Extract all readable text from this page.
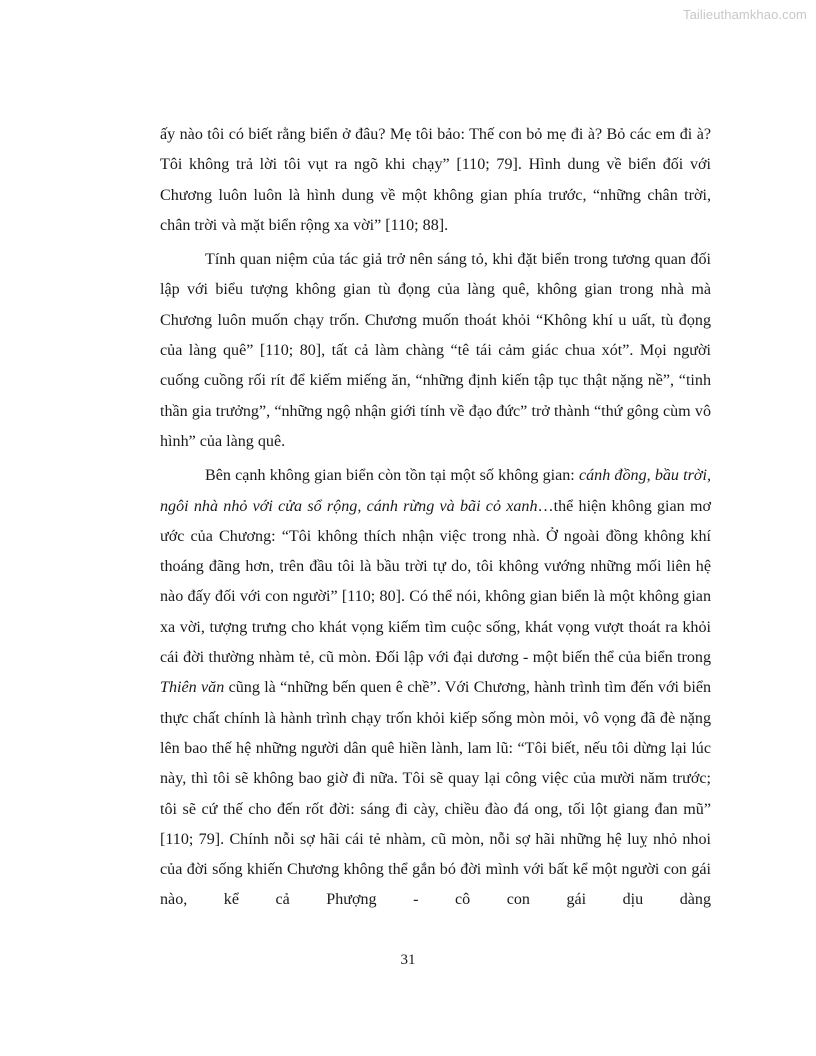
Tailieuthamkhao.com

ấy nào tôi có biết rằng biển ở đâu? Mẹ tôi bảo: Thế con bỏ mẹ đi à? Bỏ các em đi à? Tôi không trả lời tôi vụt ra ngõ khi chạy” [110; 79]. Hình dung về biển đối với Chương luôn luôn là hình dung về một không gian phía trước, “những chân trời, chân trời và mặt biển rộng xa vời” [110; 88].

Tính quan niệm của tác giả trở nên sáng tỏ, khi đặt biển trong tương quan đối lập với biểu tượng không gian tù đọng của làng quê, không gian trong nhà mà Chương luôn muốn chạy trốn. Chương muốn thoát khỏi “Không khí u uất, tù đọng của làng quê” [110; 80], tất cả làm chàng “tê tái cảm giác chua xót”. Mọi người cuống cuồng rối rít để kiếm miếng ăn, “những định kiến tập tục thật nặng nề”, “tinh thần gia trưởng”, “những ngộ nhận giới tính về đạo đức” trở thành “thứ gông cùm vô hình” của làng quê.

Bên cạnh không gian biển còn tồn tại một số không gian: cánh đồng, bầu trời, ngôi nhà nhỏ với cửa sổ rộng, cánh rừng và bãi cỏ xanh…thể hiện không gian mơ ước của Chương: “Tôi không thích nhận việc trong nhà. Ở ngoài đồng không khí thoáng đãng hơn, trên đầu tôi là bầu trời tự do, tôi không vướng những mối liên hệ nào đấy đối với con người” [110; 80]. Có thể nói, không gian biển là một không gian xa vời, tượng trưng cho khát vọng kiếm tìm cuộc sống, khát vọng vượt thoát ra khỏi cái đời thường nhàm tẻ, cũ mòn. Đối lập với đại dương - một biến thể của biển trong Thiên văn cũng là “những bến quen ê chề”. Với Chương, hành trình tìm đến với biển thực chất chính là hành trình chạy trốn khỏi kiếp sống mòn mỏi, vô vọng đã đè nặng lên bao thế hệ những người dân quê hiền lành, lam lũ: “Tôi biết, nếu tôi dừng lại lúc này, thì tôi sẽ không bao giờ đi nữa. Tôi sẽ quay lại công việc của mười năm trước; tôi sẽ cứ thế cho đến rốt đời: sáng đi cày, chiều đào đá ong, tối lột giang đan mũ” [110; 79]. Chính nỗi sợ hãi cái tẻ nhàm, cũ mòn, nỗi sợ hãi những hệ luỵ nhỏ nhoi của đời sống khiến Chương không thể gắn bó đời mình với bất kể một người con gái nào, kể cả Phượng - cô con gái dịu dàng

31
